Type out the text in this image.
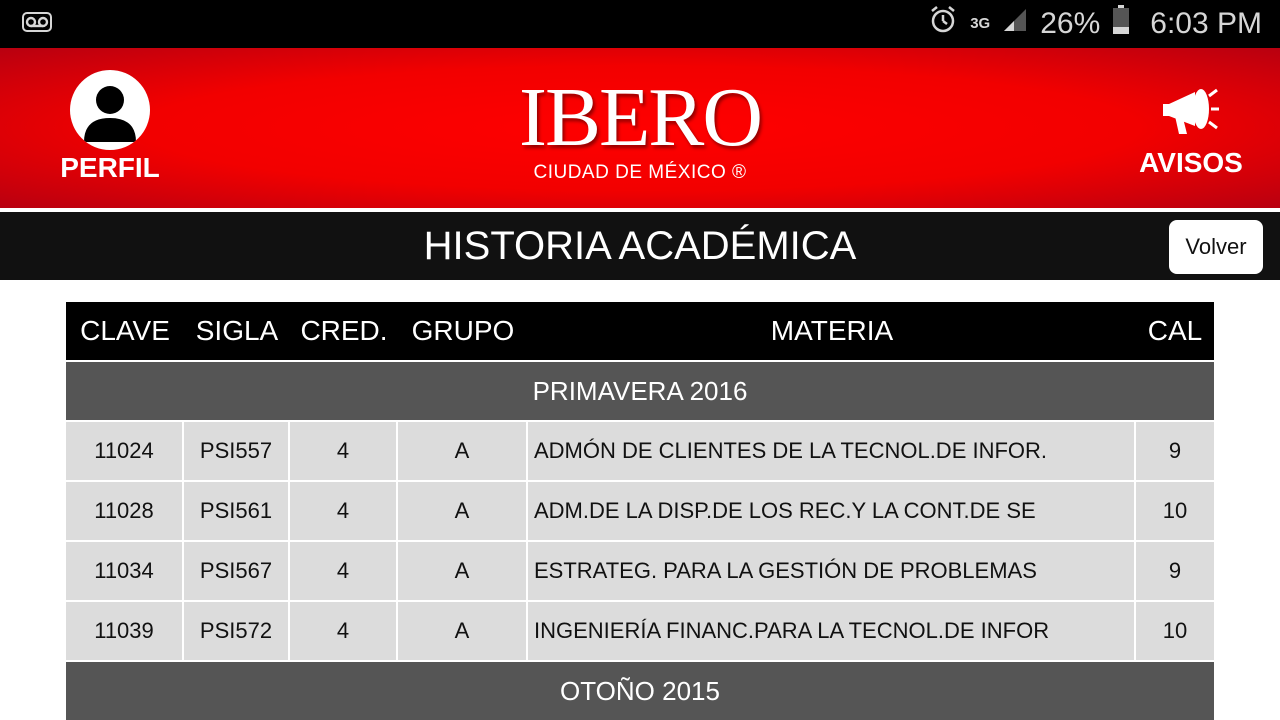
3G 26% 6:03 PM
PERFIL
IBERO
CIUDAD DE MÉXICO ®	AVISOS
HISTORIA ACADÉMICA	Volver
CLAVE SIGLA CRED. GRUPO	MATERIA	CAL
PRIMAVERA 2016
11024	PSI557	4	A	ADMÓN DE CLIENTES DE LA TECNOL.DE INFOR.	9
11028	PSI561	4	A	ADM.DE LA DISP.DE LOS REC.Y LA CONT.DE SE	10
11034	PSI567	4	A	ESTRATEG. PARA LA GESTIÓN DE PROBLEMAS	9
11039	PSI572	4	A	INGENIERÍA FINANC.PARA LA TECNOL.DE INFOR	10
OTOÑO 2015
